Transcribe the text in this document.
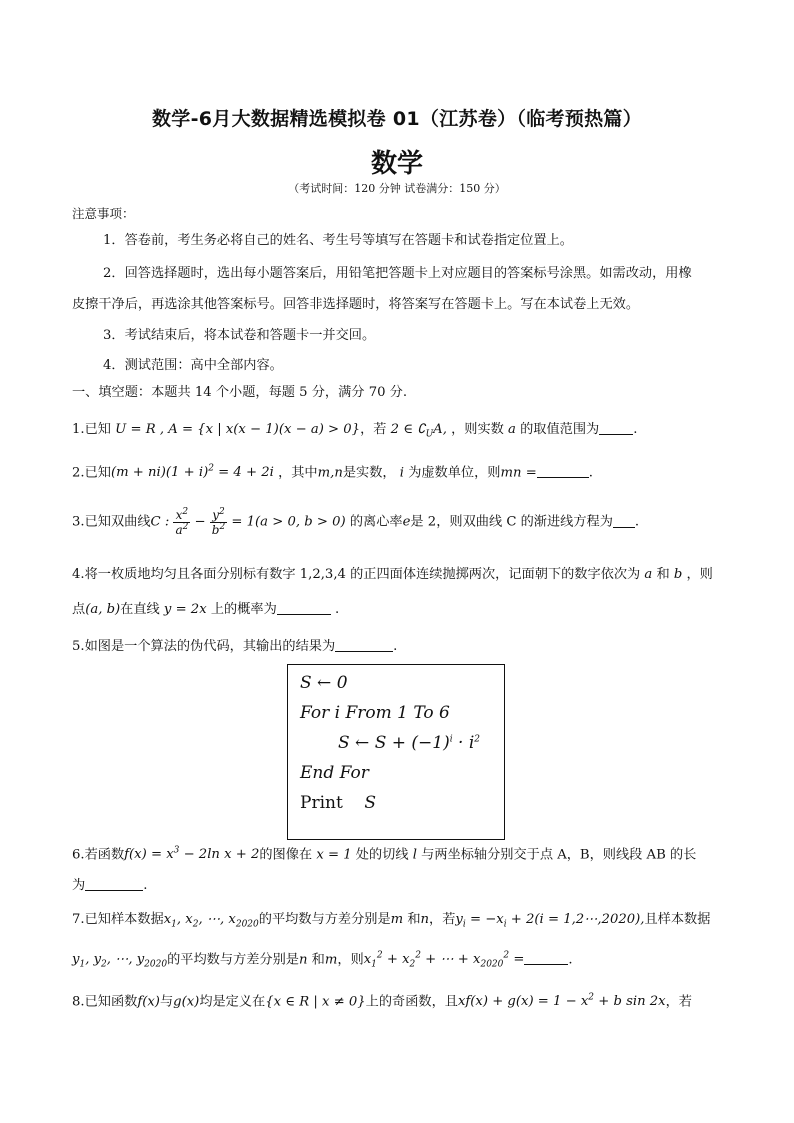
数学-6月大数据精选模拟卷 01（江苏卷）（临考预热篇）
数学
（考试时间：120 分钟 试卷满分：150 分）
注意事项：
1．答卷前，考生务必将自己的姓名、考生号等填写在答题卡和试卷指定位置上。
2．回答选择题时，选出每小题答案后，用铅笔把答题卡上对应题目的答案标号涂黑。如需改动，用橡
皮擦干净后，再选涂其他答案标号。回答非选择题时，将答案写在答题卡上。写在本试卷上无效。
3．考试结束后，将本试卷和答题卡一并交回。
4．测试范围：高中全部内容。
一、填空题：本题共 14 个小题，每题 5 分，满分 70 分.
1.已知 U = R , A = {x | x(x − 1)(x − a) > 0}，若 2 ∈ $∁_UA$, ，则实数 a 的取值范围为	.
2.已知$(m + ni)(1 + i)^2 = 4 + 2i$ ，其中m,n是实数， i 为虚数单位，则mn =	.
3.已知双曲线C : $\frac{x^2}{a^2} - \frac{y^2}{b^2} = 1(a > 0$, b > 0) 的离心率e是 2，则双曲线 C 的渐进线方程为 .
4.将一枚质地均匀且各面分别标有数字 1,2,3,4 的正四面体连续抛掷两次，记面朝下的数字依次为 a 和 b ，则
点(a, b)在直线 y = 2x 上的概率为	.
5.如图是一个算法的伪代码，其输出的结果为	.
S ← 0
For i From 1 To 6
S ← $S + (-1)^i \cdot i^2$
End For
Print S
6.若函数$f(x) = x^3 - 2\ln$ x + 2的图像在 x = 1 处的切线 l 与两坐标轴分别交于点 A，B，则线段 AB 的长
为	.
7.已知样本数据$x_1$, $x_2$, ⋯, $x_{2020}$的平均数与方差分别是m 和n，若$y_i = -x_i + 2(i$ = 1,2⋯,2020),且样本数据
$y_1$, $y_2$, ⋯, $y_{2020}$的平均数与方差分别是n 和m，则$x_1^2 + x_2^2$ + ⋯ + $x_{2020}^2$ =	.
8.已知函数f(x)与g(x)均是定义在{x ∈ R | x ≠ 0}上的奇函数，且$xf(x) + g(x) = 1 - x^2 + b$ sin 2x，若
